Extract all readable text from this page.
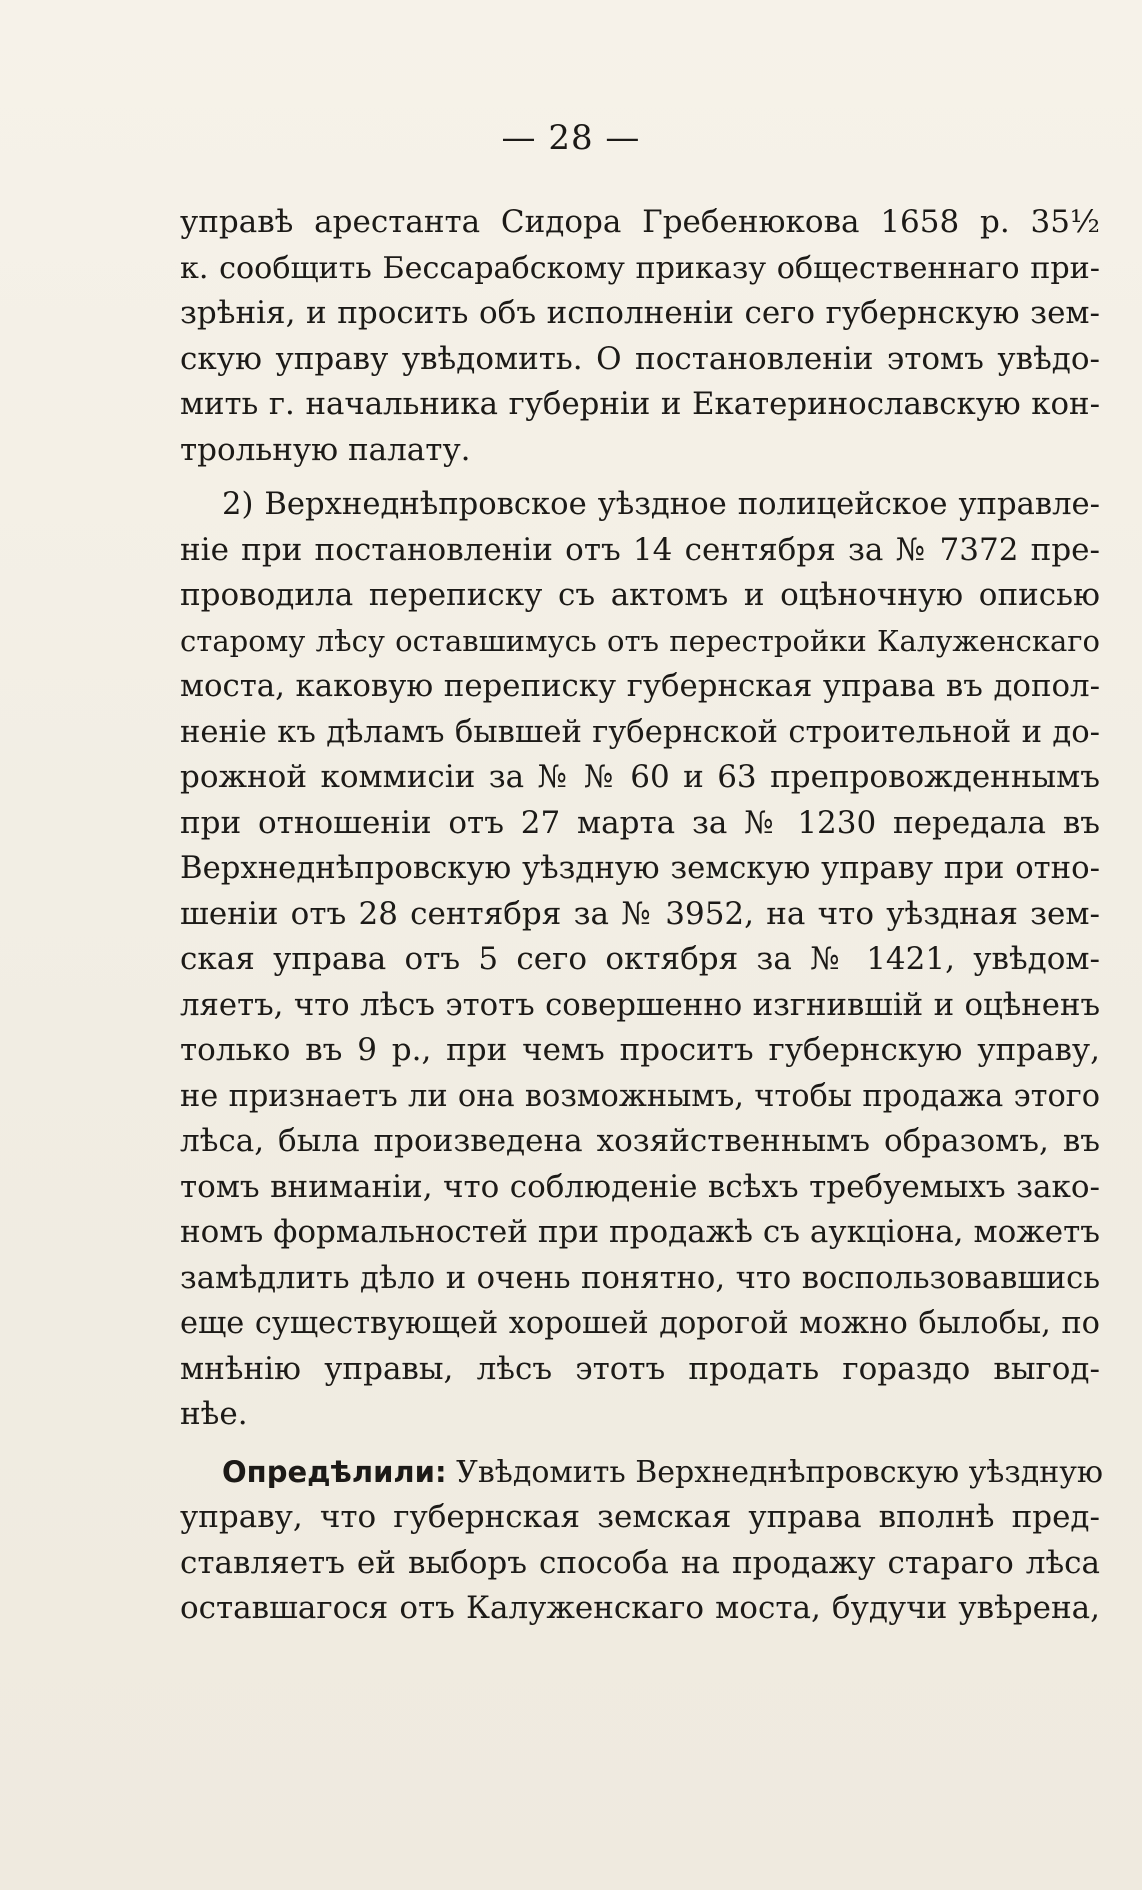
— 28 —
управѣ арестанта Сидора Гребенюкова 1658 р. 35½
к. сообщить Бессарабскому приказу общественнаго при-
зрѣнія, и просить объ исполненіи сего губернскую зем-
скую управу увѣдомить. О постановленіи этомъ увѣдо-
мить г. начальника губерніи и Екатеринославскую кон-
трольную палату.
2) Верхнеднѣпровское уѣздное полицейское управле-
ніе при постановленіи отъ 14 сентября за № 7372 пре-
проводила переписку съ актомъ и оцѣночную описью
старому лѣсу оставшимусь отъ перестройки Калуженскаго
моста, каковую переписку губернская управа въ допол-
неніе къ дѣламъ бывшей губернской строительной и до-
рожной коммисіи за № № 60 и 63 препровожденнымъ
при отношеніи отъ 27 марта за № 1230 передала въ
Верхнеднѣпровскую уѣздную земскую управу при отно-
шеніи отъ 28 сентября за № 3952, на что уѣздная зем-
ская управа отъ 5 сего октября за № 1421, увѣдом-
ляетъ, что лѣсъ этотъ совершенно изгнившій и оцѣненъ
только въ 9 р., при чемъ проситъ губернскую управу,
не признаетъ ли она возможнымъ, чтобы продажа этого
лѣса, была произведена хозяйственнымъ образомъ, въ
томъ вниманіи, что соблюденіе всѣхъ требуемыхъ зако-
номъ формальностей при продажѣ съ аукціона, можетъ
замѣдлить дѣло и очень понятно, что воспользовавшись
еще существующей хорошей дорогой можно былобы, по
мнѣнію управы, лѣсъ этотъ продать гораздо выгод-
нѣе.
Опредѣлили: Увѣдомить Верхнеднѣпровскую уѣздную
управу, что губернская земская управа вполнѣ пред-
ставляетъ ей выборъ способа на продажу стараго лѣса
оставшагося отъ Калуженскаго моста, будучи увѣрена,
